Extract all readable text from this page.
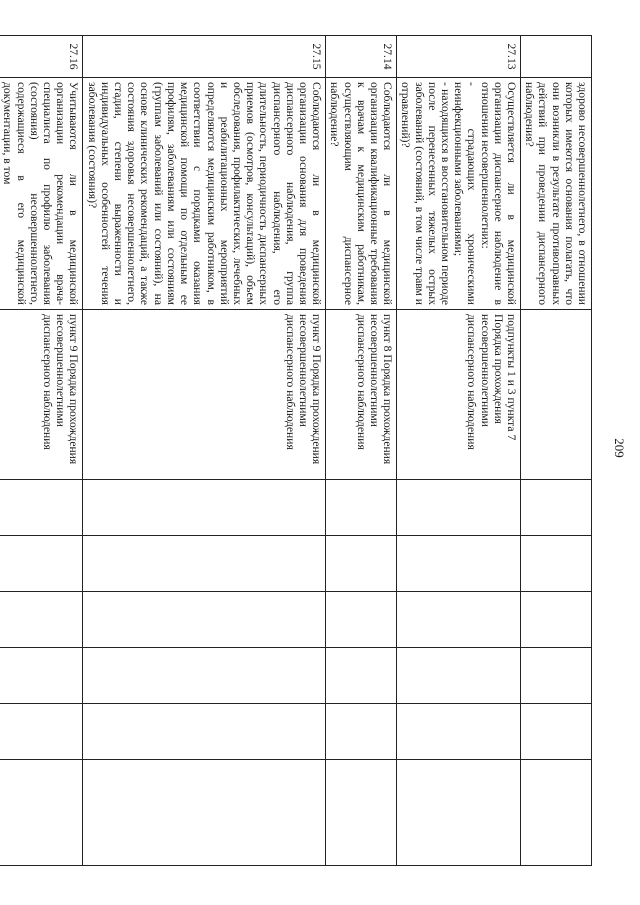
209

	здорово несовершеннолетнего, в отношении которых имеются основания полагать, что они возникли в результате противоправных действий при проведении диспансерного наблюдения?							

27.13	Осуществляется ли в медицинской организации диспансерное наблюдение в отношении несовершеннолетних:

- страдающих хроническими неинфекционными заболеваниями;

- находящихся в восстановительном периоде после перенесенных тяжелых острых заболеваний (состояний, в том числе травм и отравлений)?	подпункты 1 и 3 пункта 7 Порядка прохождения несовершеннолетними диспансерного наблюдения						
27.14	Соблюдаются ли в медицинской организации квалификационные требования к врачам к медицинским работникам, осуществляющим диспансерное наблюдение?	пункт 8 Порядка прохождения несовершеннолетними диспансерного наблюдения						
27.15	Соблюдаются ли в медицинской организации основания для проведения диспансерного наблюдения, группа диспансерного наблюдения, его длительность, периодичность диспансерных приемов (осмотров, консультаций), объем обследования, профилактических, лечебных и реабилитационных мероприятий определяются медицинским работником, в соответствии с порядками оказания медицинской помощи по отдельным ее профилям, заболеваниям или состояниям (группам заболеваний или состояний), на основе клинических рекомендаций, а также состояния здоровья несовершеннолетнего, стадии, степени выраженности и индивидуальных особенностей течения заболевания (состояния)?	пункт 9 Порядка прохождения несовершеннолетними диспансерного наблюдения						
27.16	Учитываются ли в медицинской организации рекомендации врача-специалиста по профилю заболевания (состояния) несовершеннолетнего, содержащиеся в его медицинской документации, в том	пункт 9 Порядка прохождения несовершеннолетними диспансерного наблюдения						
